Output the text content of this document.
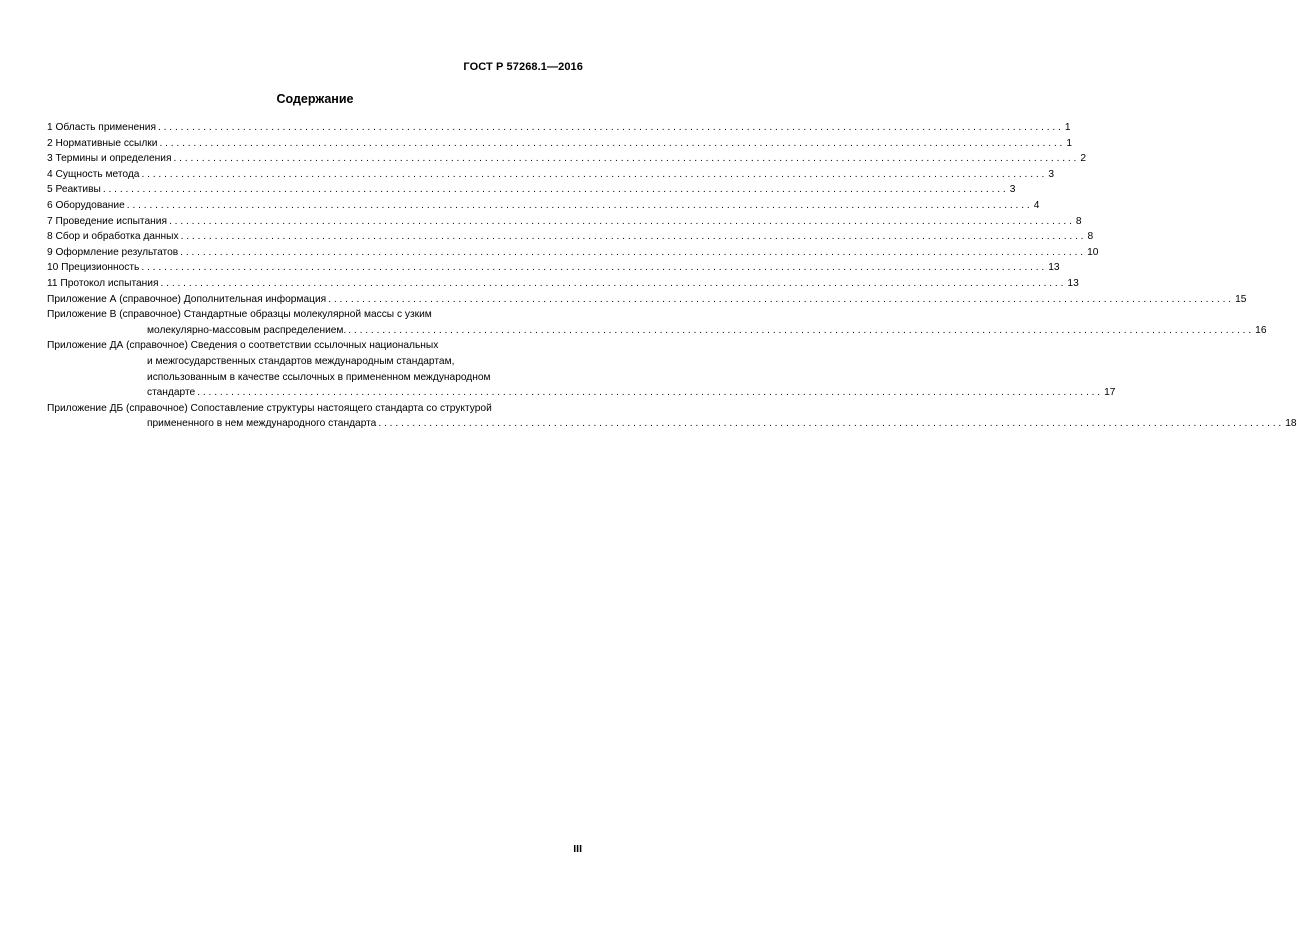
ГОСТ Р 57268.1—2016
Содержание
1 Область применения . . .	1
2 Нормативные ссылки . . .	1
3 Термины и определения . . .	2
4 Сущность метода . . .	3
5 Реактивы . . .	3
6 Оборудование . . .	4
7 Проведение испытания . . .	8
8 Сбор и обработка данных . . .	8
9 Оформление результатов . . .	10
10 Прецизионность . . .	13
11 Протокол испытания . . .	13
Приложение А (справочное) Дополнительная информация . . .	15
Приложение В (справочное) Стандартные образцы молекулярной массы с узким
молекулярно-массовым распределением. . . .	16
Приложение ДА (справочное) Сведения о соответствии ссылочных национальных
и межгосударственных стандартов международным стандартам,
использованным в качестве ссылочных в примененном международном
стандарте . . .	17
Приложение ДБ (справочное) Сопоставление структуры настоящего стандарта со структурой
примененного в нем международного стандарта . . .	18
III
